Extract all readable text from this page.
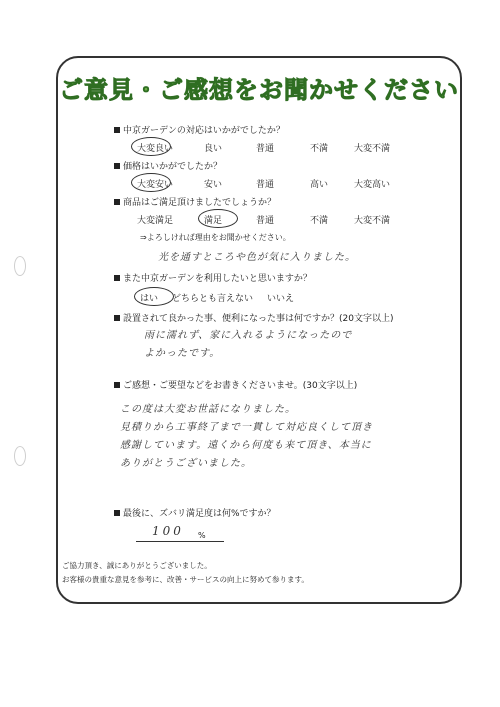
ご意見・ご感想をお聞かせください
中京ガーデンの対応はいかがでしたか？
大変良い	良い	普通	不満	大変不満
価格はいかがでしたか？
大変安い	安い	普通	高い	大変高い
商品はご満足頂けましたでしょうか？
大変満足	満足	普通	不満	大変不満
⇒よろしければ理由をお聞かせください。
光を通すところや色が気に入りました。
また中京ガーデンを利用したいと思いますか？
はい	どちらとも言えない	いいえ
設置されて良かった事、便利になった事は何ですか？(20文字以上)
雨に濡れず、家に入れるようになったので
よかったです。
ご感想・ご要望などをお書きくださいませ。(30文字以上)
この度は大変お世話になりました。
見積りから工事終了まで一貫して対応良くして頂き
感謝しています。遠くから何度も来て頂き、本当に
ありがとうございました。
最後に、ズバリ満足度は何%ですか？
100 %
ご協力頂き、誠にありがとうございました。
お客様の貴重な意見を参考に、改善・サービスの向上に努めて参ります。
